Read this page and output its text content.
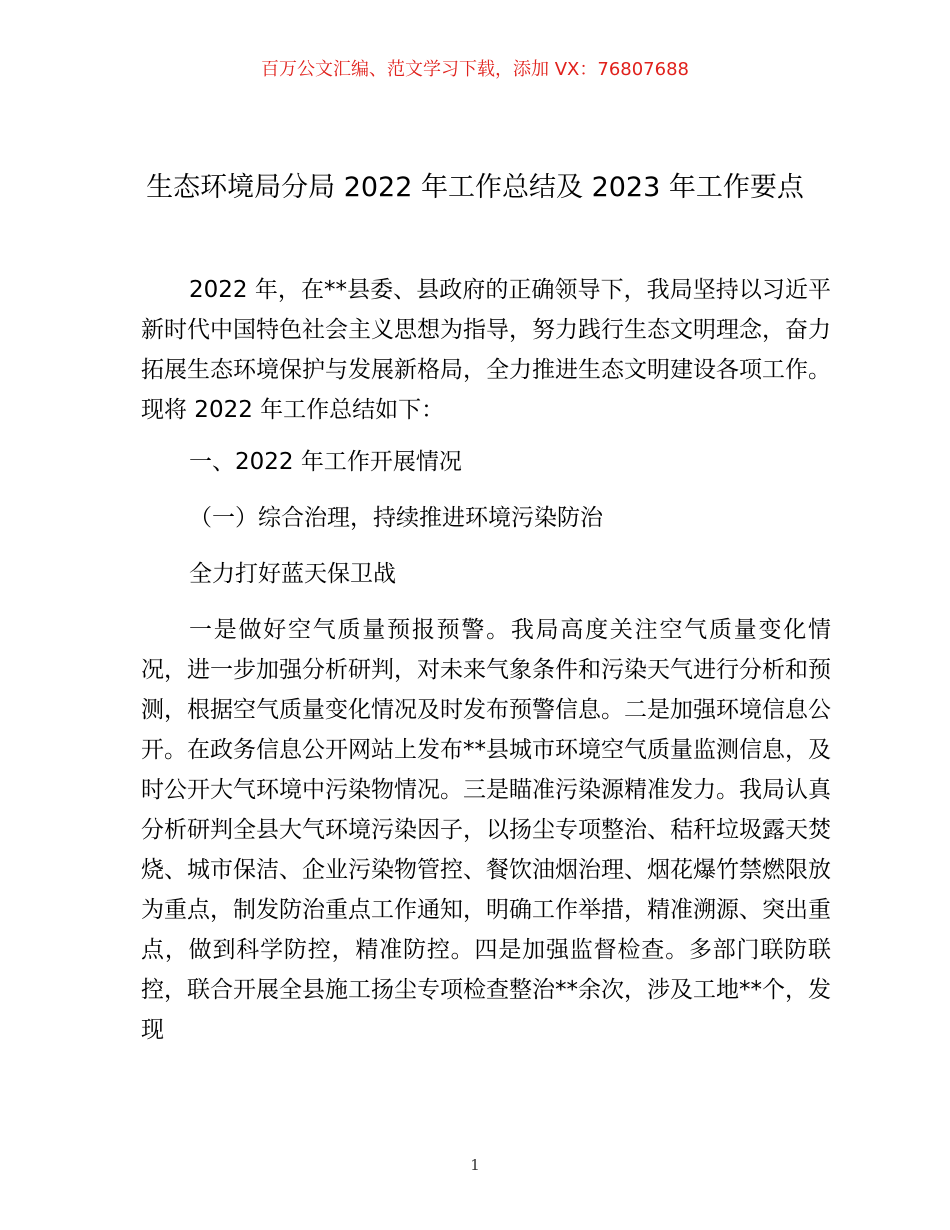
百万公文汇编、范文学习下载，添加 VX：76807688
生态环境局分局 2022 年工作总结及 2023 年工作要点

2022 年，在**县委、县政府的正确领导下，我局坚持以习近平新时代中国特色社会主义思想为指导，努力践行生态文明理念，奋力拓展生态环境保护与发展新格局，全力推进生态文明建设各项工作。现将 2022 年工作总结如下：

一、2022 年工作开展情况

（一）综合治理，持续推进环境污染防治

全力打好蓝天保卫战

一是做好空气质量预报预警。我局高度关注空气质量变化情况，进一步加强分析研判，对未来气象条件和污染天气进行分析和预测，根据空气质量变化情况及时发布预警信息。二是加强环境信息公开。在政务信息公开网站上发布**县城市环境空气质量监测信息，及时公开大气环境中污染物情况。三是瞄准污染源精准发力。我局认真分析研判全县大气环境污染因子，以扬尘专项整治、秸秆垃圾露天焚烧、城市保洁、企业污染物管控、餐饮油烟治理、烟花爆竹禁燃限放为重点，制发防治重点工作通知，明确工作举措，精准溯源、突出重点，做到科学防控，精准防控。四是加强监督检查。多部门联防联控，联合开展全县施工扬尘专项检查整治**余次，涉及工地**个，发现

1
